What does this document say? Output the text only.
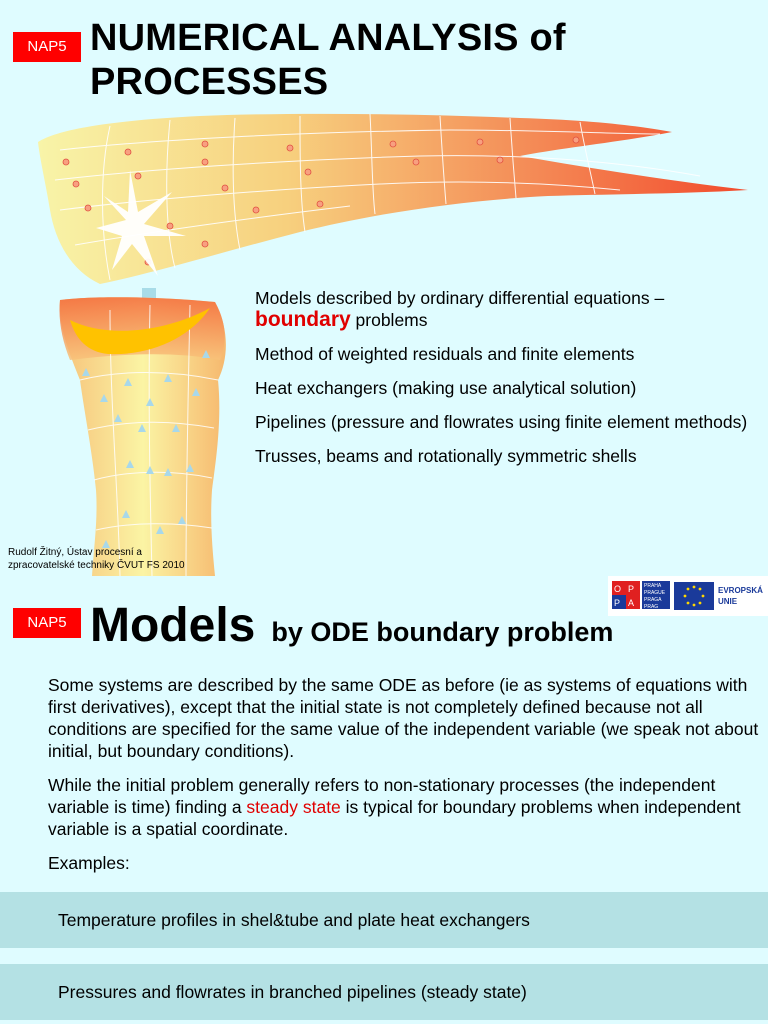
NAP5 NUMERICAL ANALYSIS of
PROCESSES

Models described by ordinary differential equations –
boundary problems

Method of weighted residuals and finite elements

Heat exchangers (making use analytical solution)

Pipelines (pressure and flowrates using finite element methods)

Trusses, beams and rotationally symmetric shells

Rudolf Žitný, Ústav procesní a
zpracovatelské techniky ČVUT FS 2010
O P
P A
PRAHA
PRAGUE
PRAGA
PRAG
EVROPSKÁ
UNIE
NAP5 Models by ODE boundary problem

Some systems are described by the same ODE as before (ie as systems of equations with first derivatives), except that the initial state is not completely defined because not all conditions are specified for the same value of the independent variable (we speak not about initial, but boundary conditions).

While the initial problem generally refers to non-stationary processes (the independent variable is time) finding a steady state is typical for boundary problems when independent variable is a spatial coordinate.

Examples:

Temperature profiles in shel&tube and plate heat exchangers
Pressures and flowrates in branched pipelines (steady state)
